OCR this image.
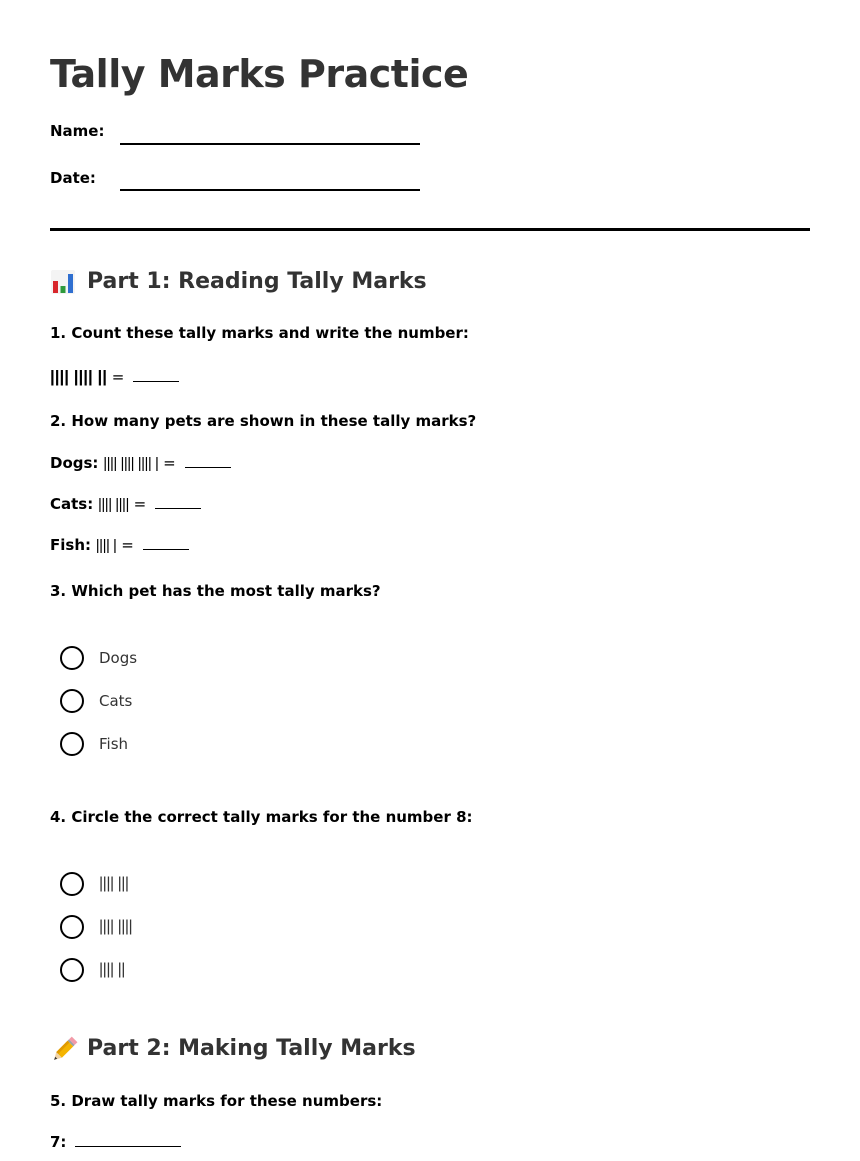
Tally Marks Practice
Name:
Date:
Part 1: Reading Tally Marks
1. Count these tally marks and write the number:
|||| |||| || =
2. How many pets are shown in these tally marks?
Dogs: |||| |||| |||| | =
Cats: |||| |||| =
Fish: |||| | =
3. Which pet has the most tally marks?
Dogs
Cats
Fish
4. Circle the correct tally marks for the number 8:
|||| |||
|||| ||||
|||| ||
Part 2: Making Tally Marks
5. Draw tally marks for these numbers:
7:
